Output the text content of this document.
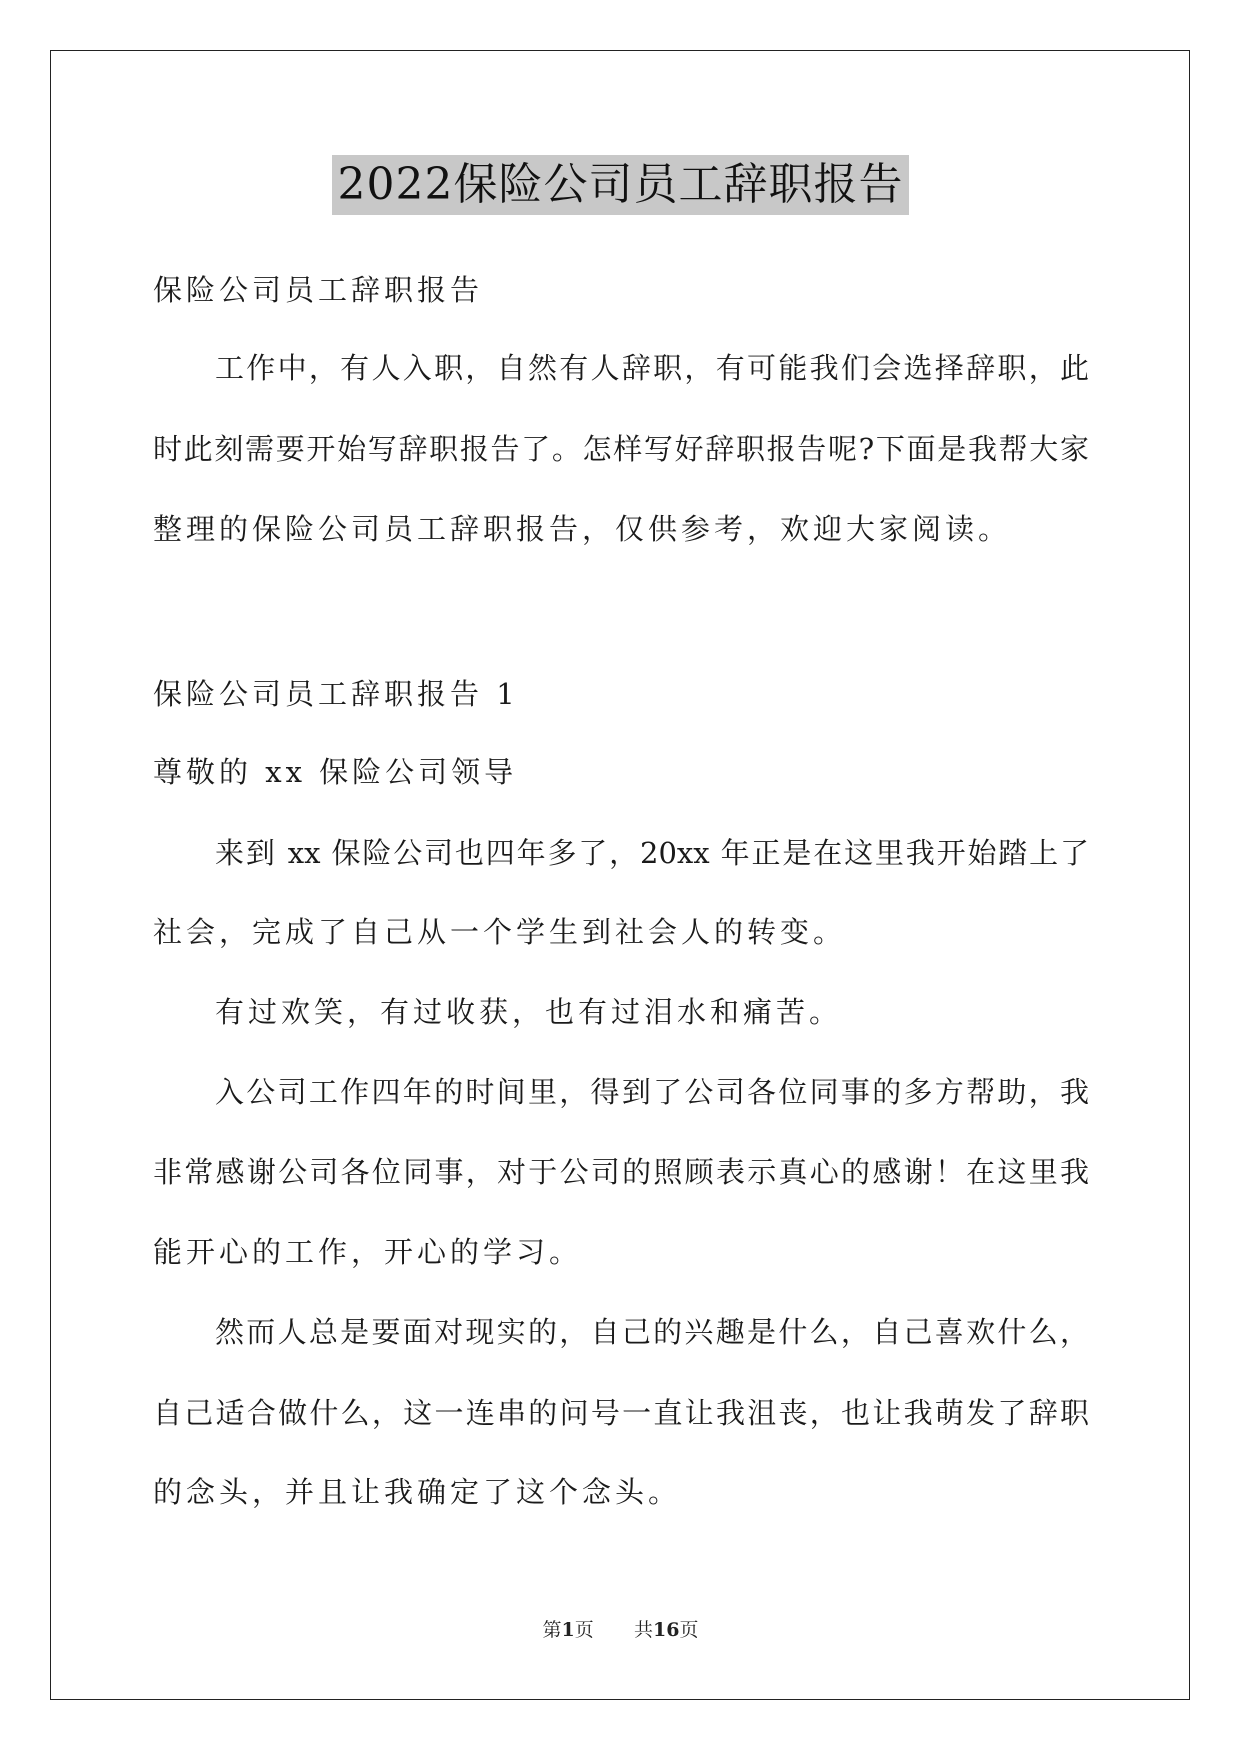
2022保险公司员工辞职报告
保险公司员工辞职报告
工作中，有人入职，自然有人辞职，有可能我们会选择辞职，此
时此刻需要开始写辞职报告了。怎样写好辞职报告呢?下面是我帮大家
整理的保险公司员工辞职报告，仅供参考，欢迎大家阅读。
保险公司员工辞职报告 1
尊敬的 xx 保险公司领导
来到 xx 保险公司也四年多了，20xx 年正是在这里我开始踏上了
社会，完成了自己从一个学生到社会人的转变。
有过欢笑，有过收获，也有过泪水和痛苦。
入公司工作四年的时间里，得到了公司各位同事的多方帮助，我
非常感谢公司各位同事，对于公司的照顾表示真心的感谢！在这里我
能开心的工作，开心的学习。
然而人总是要面对现实的，自己的兴趣是什么，自己喜欢什么，
自己适合做什么，这一连串的问号一直让我沮丧，也让我萌发了辞职
的念头，并且让我确定了这个念头。
第1页 共16页
